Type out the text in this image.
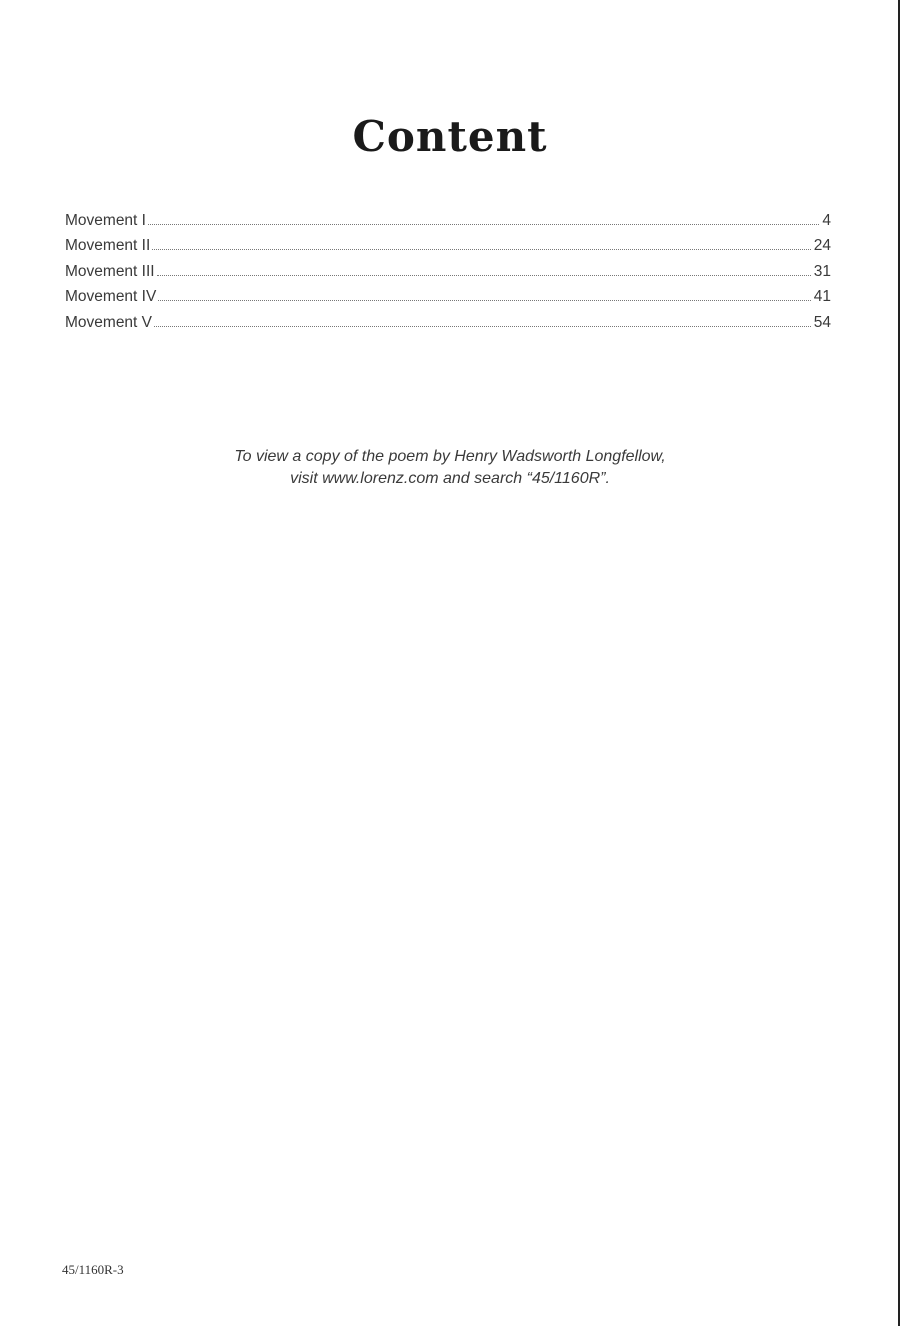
Content
Movement I	4
Movement II	24
Movement III	31
Movement IV	41
Movement V	54

To view a copy of the poem by Henry Wadsworth Longfellow,
visit www.lorenz.com and search “45/1160R”.

45/1160R-3
